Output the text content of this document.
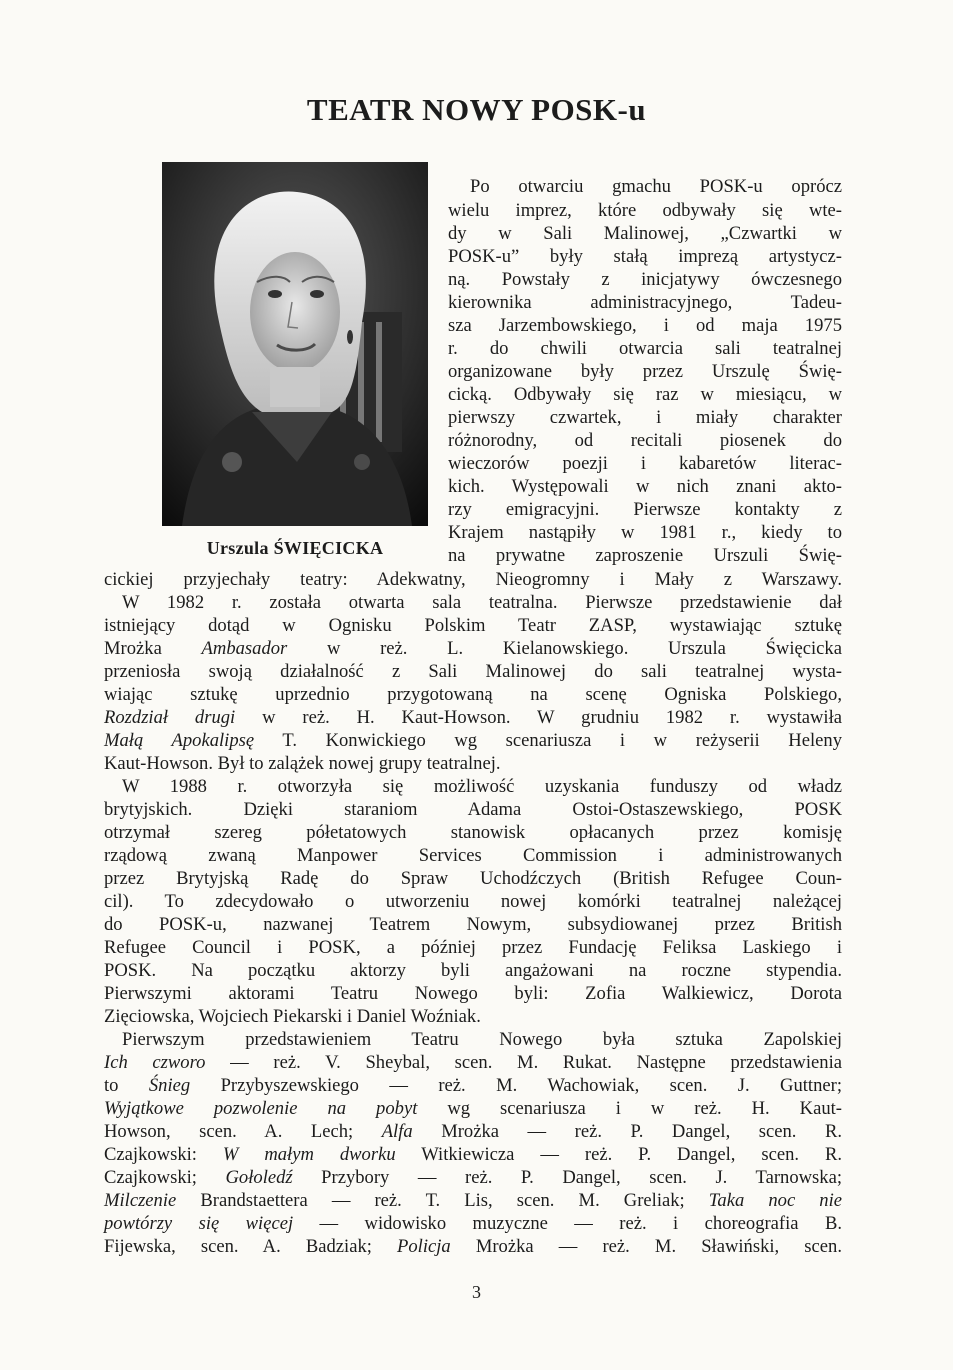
TEATR NOWY POSK-u
Urszula ŚWIĘCICKA
Po otwarciu gmachu POSK-u oprócz
wielu imprez, które odbywały się wte-
dy w Sali Malinowej, „Czwartki w
POSK-u” były stałą imprezą artystycz-
ną. Powstały z inicjatywy ówczesnego
kierownika administracyjnego, Tadeu-
sza Jarzembowskiego, i od maja 1975
r. do chwili otwarcia sali teatralnej
organizowane były przez Urszulę Świę-
cicką. Odbywały się raz w miesiącu, w
pierwszy czwartek, i miały charakter
różnorodny, od recitali piosenek do
wieczorów poezji i kabaretów literac-
kich. Występowali w nich znani akto-
rzy emigracyjni. Pierwsze kontakty z
Krajem nastąpiły w 1981 r., kiedy to
na prywatne zaproszenie Urszuli Świę‑
cickiej przyjechały teatry: Adekwatny, Nieogromny i Mały z Warszawy.
W 1982 r. została otwarta sala teatralna. Pierwsze przedstawienie dał
istniejący dotąd w Ognisku Polskim Teatr ZASP, wystawiając sztukę
Mrożka Ambasador w reż. L. Kielanowskiego. Urszula Święcicka
przeniosła swoją działalność z Sali Malinowej do sali teatralnej wysta-
wiając sztukę uprzednio przygotowaną na scenę Ogniska Polskiego,
Rozdział drugi w reż. H. Kaut-Howson. W grudniu 1982 r. wystawiła
Małą Apokalipsę T. Konwickiego wg scenariusza i w reżyserii Heleny
Kaut-Howson. Był to zalążek nowej grupy teatralnej.
W 1988 r. otworzyła się możliwość uzyskania funduszy od władz
brytyjskich. Dzięki staraniom Adama Ostoi-Ostaszewskiego, POSK
otrzymał szereg półetatowych stanowisk opłacanych przez komisję
rządową zwaną Manpower Services Commission i administrowanych
przez Brytyjską Radę do Spraw Uchodźczych (British Refugee Coun-
cil). To zdecydowało o utworzeniu nowej komórki teatralnej należącej
do POSK-u, nazwanej Teatrem Nowym, subsydiowanej przez British
Refugee Council i POSK, a później przez Fundację Feliksa Laskiego i
POSK. Na początku aktorzy byli angażowani na roczne stypendia.
Pierwszymi aktorami Teatru Nowego byli: Zofia Walkiewicz, Dorota
Zięciowska, Wojciech Piekarski i Daniel Woźniak.
Pierwszym przedstawieniem Teatru Nowego była sztuka Zapolskiej
Ich czworo — reż. V. Sheybal, scen. M. Rukat. Następne przedstawienia
to Śnieg Przybyszewskiego — reż. M. Wachowiak, scen. J. Guttner;
Wyjątkowe pozwolenie na pobyt wg scenariusza i w reż. H. Kaut-
Howson, scen. A. Lech; Alfa Mrożka — reż. P. Dangel, scen. R.
Czajkowski: W małym dworku Witkiewicza — reż. P. Dangel, scen. R.
Czajkowski; Gołoledź Przybory — reż. P. Dangel, scen. J. Tarnowska;
Milczenie Brandstaettera — reż. T. Lis, scen. M. Greliak; Taka noc nie
powtórzy się więcej — widowisko muzyczne — reż. i choreografia B.
Fijewska, scen. A. Badziak; Policja Mrożka — reż. M. Sławiński, scen.
3
